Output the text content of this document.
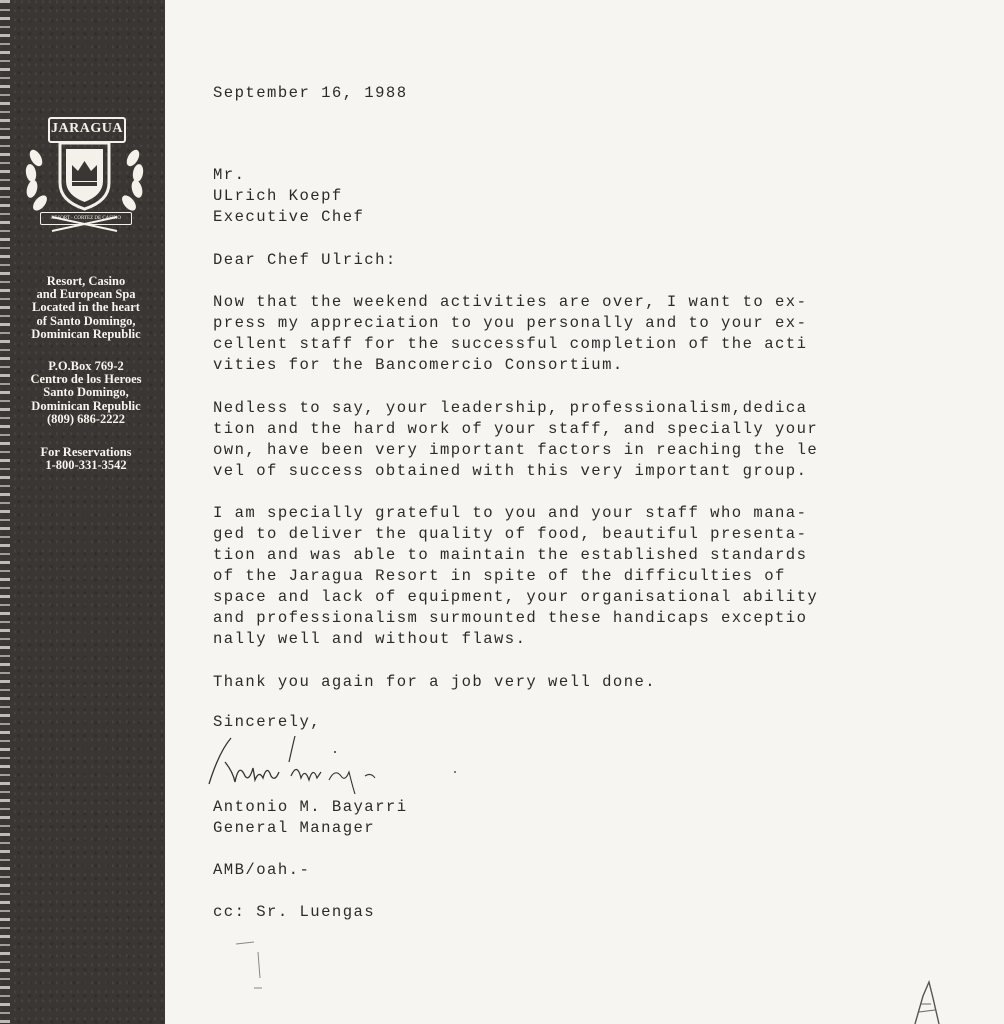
JARAGUA
RESORT · CORTEZ DE CASINO
Resort, Casino
and European Spa
Located in the heart
of Santo Domingo,
Dominican Republic
P.O.Box 769-2
Centro de los Heroes
Santo Domingo,
Dominican Republic
(809) 686-2222
For Reservations
1-800-331-3542
September 16, 1988
Mr.
ULrich Koepf
Executive Chef
Dear Chef Ulrich:
Now that the weekend activities are over, I want to ex-
press my appreciation to you personally and to your ex-
cellent staff for the successful completion of the acti
vities for the Bancomercio Consortium.
Nedless to say, your leadership, professionalism,dedica
tion and the hard work of your staff, and specially your
own, have been very important factors in reaching the le
vel of success obtained with this very important group.
I am specially grateful to you and your staff who mana-
ged to deliver the quality of food, beautiful presenta-
tion and was able to maintain the established standards
of the Jaragua Resort in spite of the difficulties of
space and lack of equipment, your organisational ability
and professionalism surmounted these handicaps exceptio
nally well and without flaws.
Thank you again for a job very well done.
Sincerely,
Antonio M. Bayarri
General Manager
AMB/oah.-
cc: Sr. Luengas
